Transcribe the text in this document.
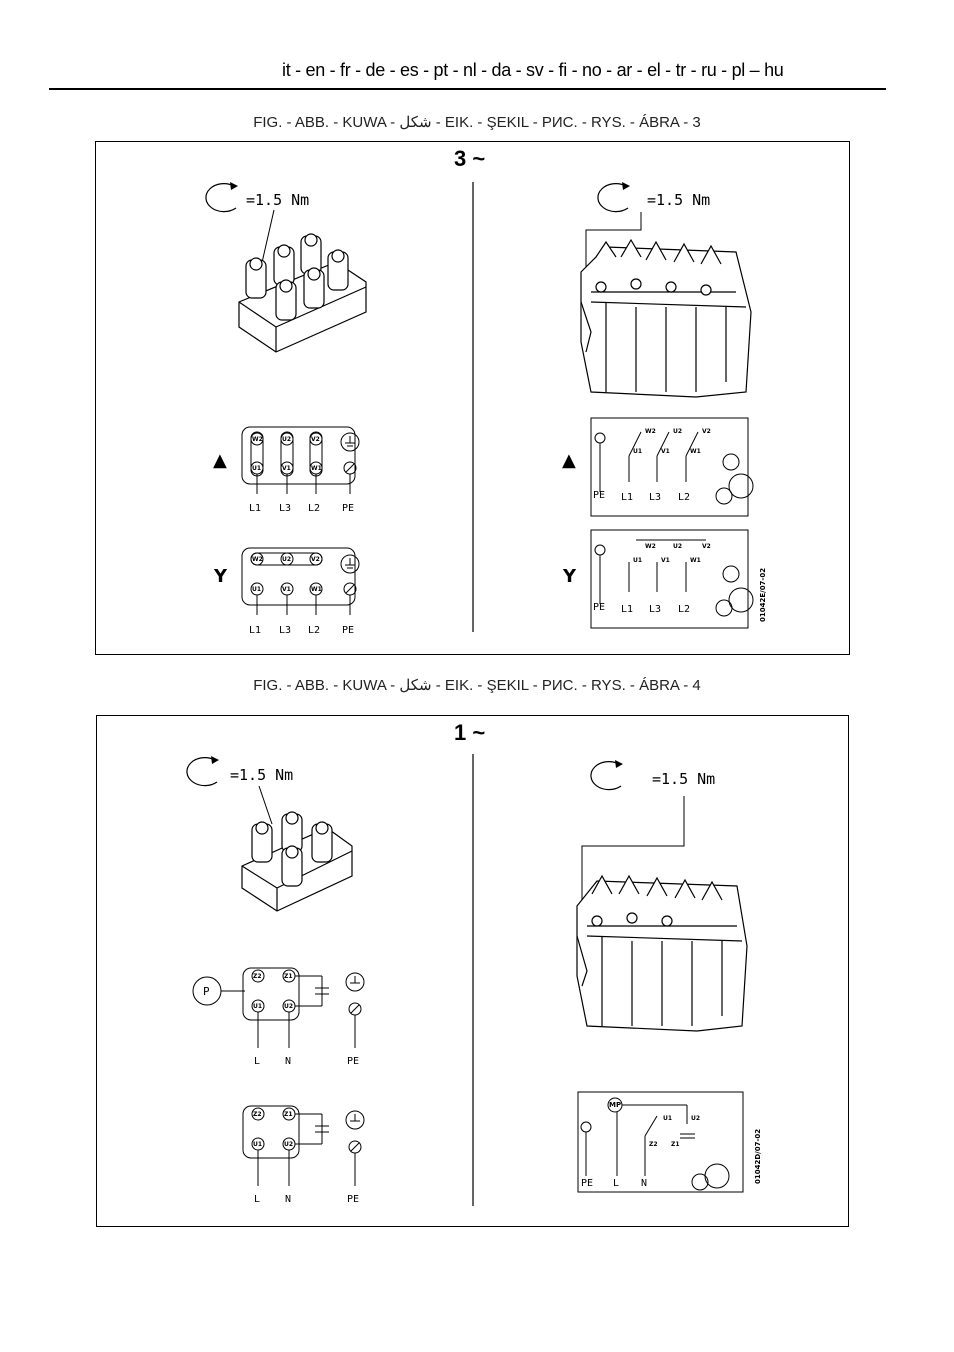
it - en - fr - de - es - pt - nl - da - sv - fi - no - ar - el - tr - ru - pl – hu
FIG. - ABB. - KUWA - شكل - EIK. - ŞEKIL - РИС. - RYS. - ÁBRA - 3
=1.5 Nm
▲
W2	U2	V2
U1	V1	W1
L1 L3 L2 PE
Y
W2	U2	V2
U1	V1	W1
L1 L3 L2 PE
=1.5 Nm
▲
W2	U2	V2
U1	V1	W1
PE L1 L3 L2
Y
W2	U2	V2
U1	V1	W1
PE L1 L3 L2	01042E/07-02
3 ~
FIG. - ABB. - KUWA - شكل - EIK. - ŞEKIL - РИС. - RYS. - ÁBRA - 4
=1.5 Nm
P
Z2	Z1
U1	U2
L N	PE
Z2	Z1
U1	U2
L N	PE
=1.5 Nm
MP
U1	U2
Z2 Z1
PE L N	01042D/07-02
1 ~
